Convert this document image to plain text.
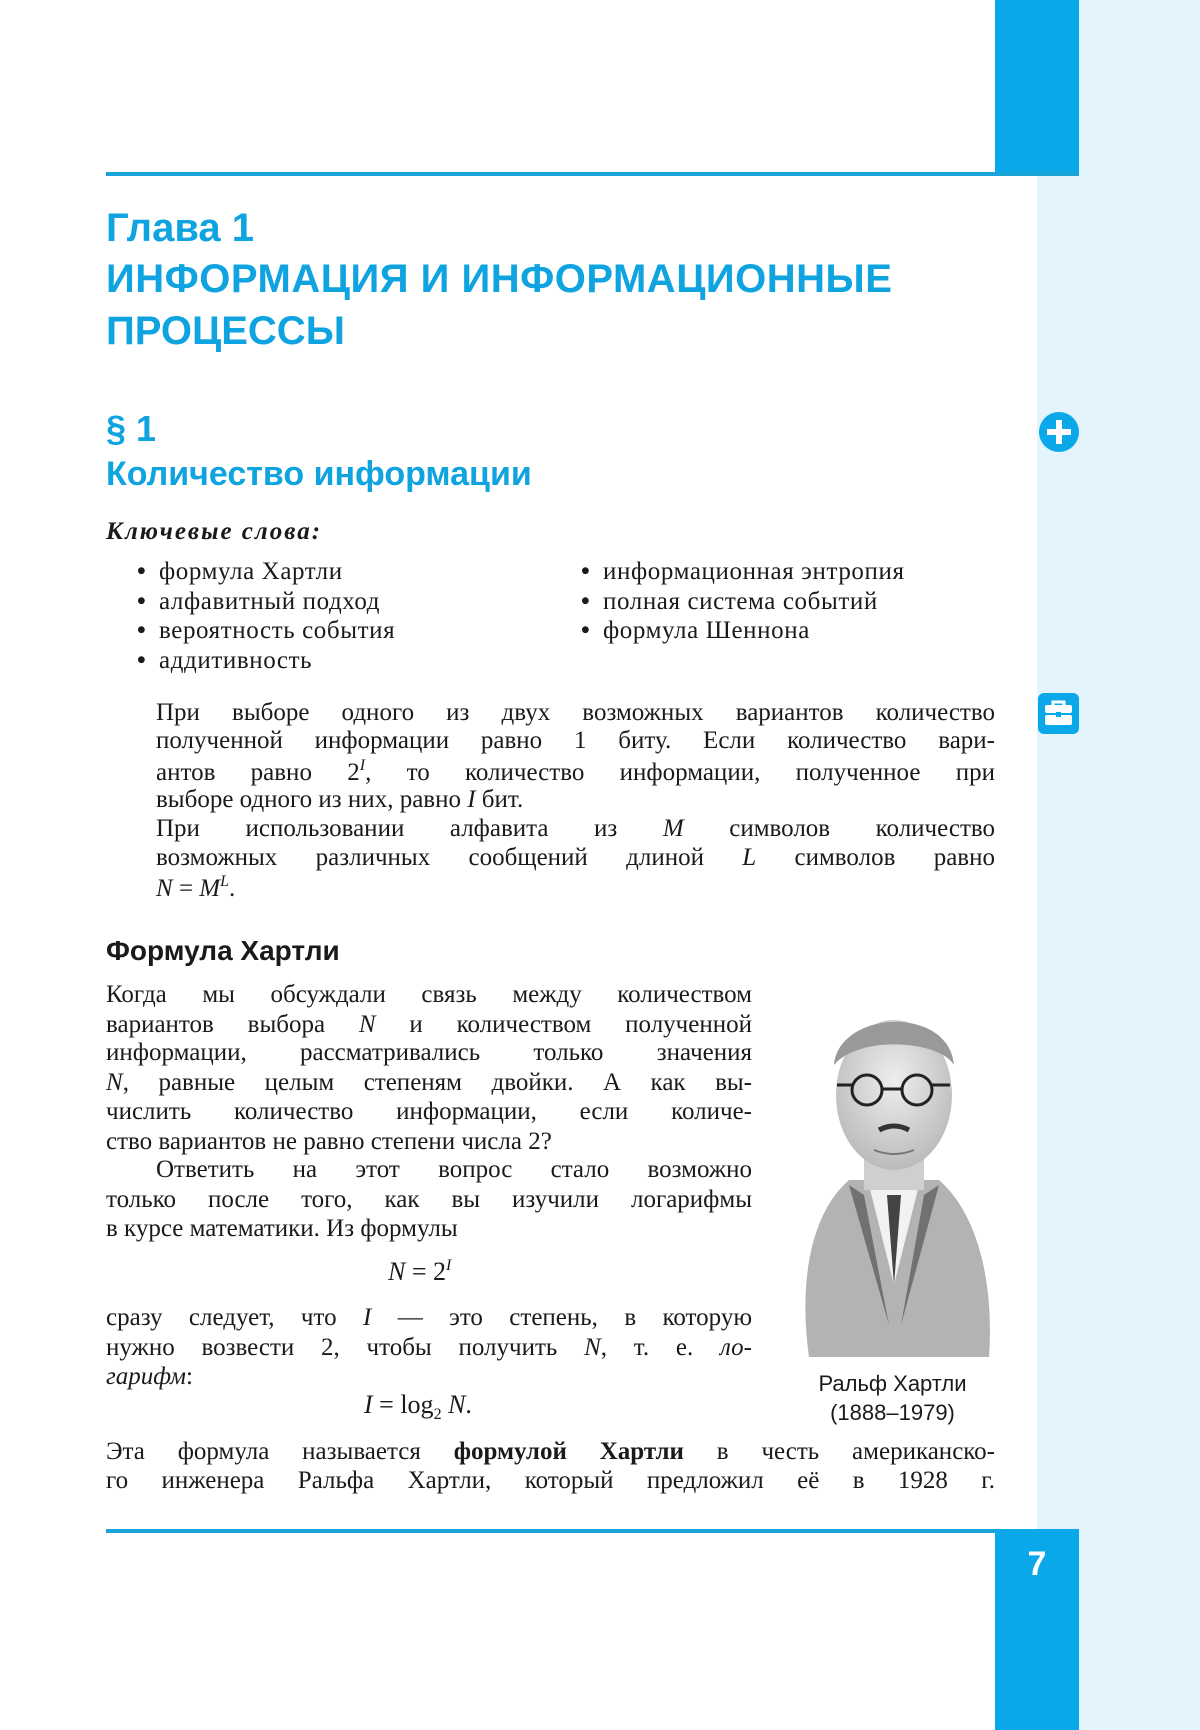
Глава 1
ИНФОРМАЦИЯ И ИНФОРМАЦИОННЫЕ
ПРОЦЕССЫ
§ 1
Количество информации
Ключевые слова:
• формула Хартли
• алфавитный подход
• вероятность события
• аддитивность
• информационная энтропия
• полная система событий
• формула Шеннона
При выборе одного из двух возможных вариантов количество
полученной информации равно 1 биту. Если количество вари-
антов равно $2^I$, то количество информации, полученное при
выборе одного из них, равно I бит.
При использовании алфавита из M символов количество
возможных различных сообщений длиной L символов равно
$N = M^L$.
Формула Хартли
Когда мы обсуждали связь между количеством
вариантов выбора N и количеством полученной
информации, рассматривались только значения
N, равные целым степеням двойки. А как вы-
числить количество информации, если количе-
ство вариантов не равно степени числа 2?
Ответить на этот вопрос стало возможно
только после того, как вы изучили логарифмы
в курсе математики. Из формулы
$N = 2^I$
сразу следует, что I — это степень, в которую
нужно возвести 2, чтобы получить N, т. е. ло-
гарифм:
$I = \log_2 N$.
Эта формула называется формулой Хартли в честь американско-
го инженера Ральфа Хартли, который предложил её в 1928 г.
Ральф Хартли
(1888–1979)
7
